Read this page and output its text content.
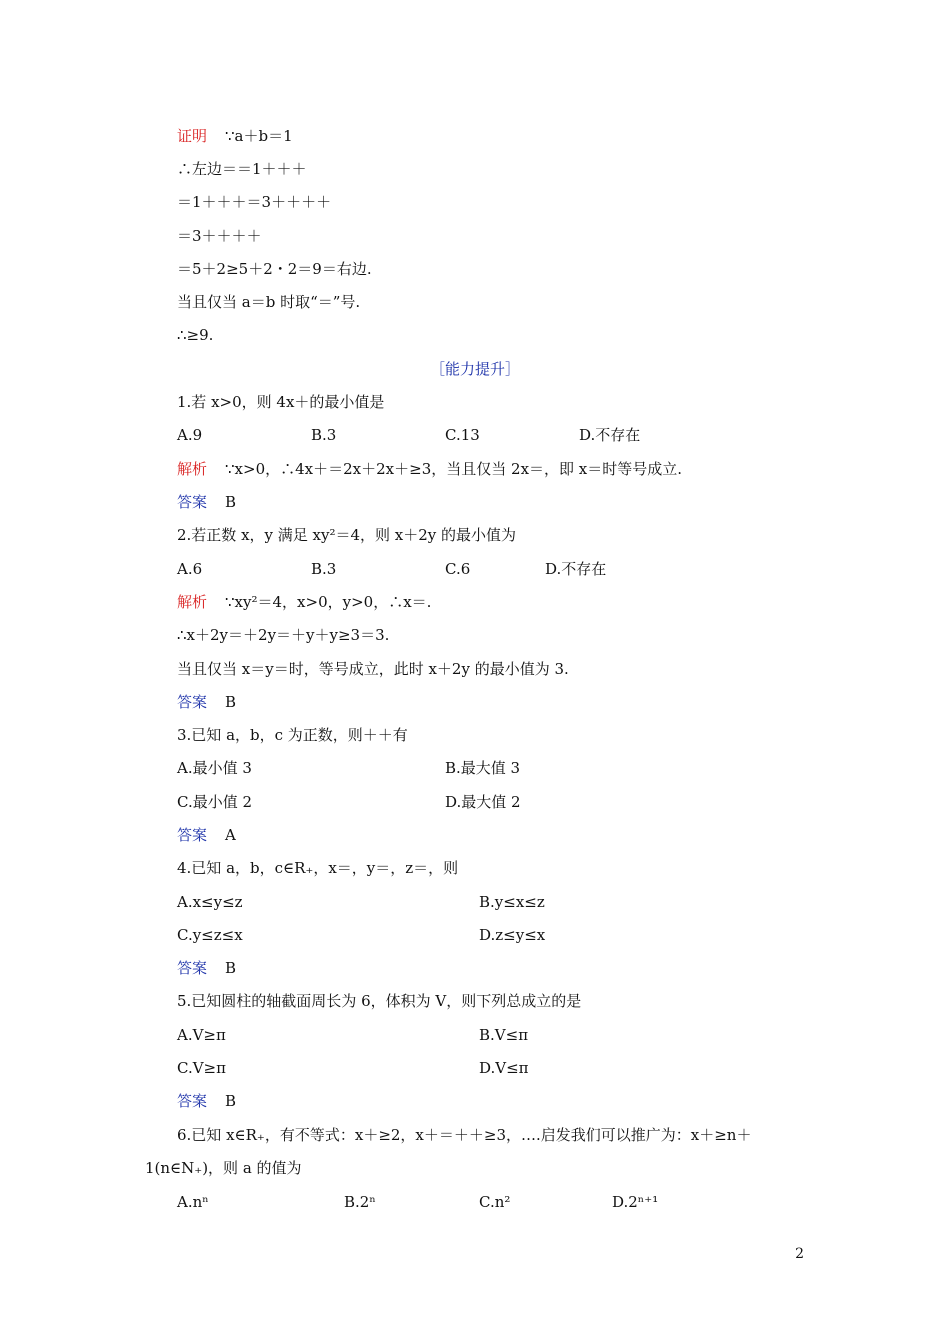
证明 ∵a＋b＝1
∴左边＝＝1＋＋＋
＝1＋＋＋＝3＋＋＋＋
＝3＋＋＋＋
＝5＋2≥5＋2・2＝9＝右边.
当且仅当 a＝b 时取“＝”号.
∴≥9.
［能力提升］
1.若 x>0，则 4x＋的最小值是
A.9	B.3	C.13	D.不存在
解析 ∵x>0，∴4x＋＝2x＋2x＋≥3，当且仅当 2x＝，即 x＝时等号成立.
答案 B
2.若正数 x，y 满足 xy²＝4，则 x＋2y 的最小值为
A.6	B.3	C.6	D.不存在
解析 ∵xy²＝4，x>0，y>0，∴x＝.
∴x＋2y＝＋2y＝＋y＋y≥3＝3.
当且仅当 x＝y＝时，等号成立，此时 x＋2y 的最小值为 3.
答案 B
3.已知 a，b，c 为正数，则＋＋有
A.最小值 3	B.最大值 3
C.最小值 2	D.最大值 2
答案 A
4.已知 a，b，c∈R₊，x＝，y＝，z＝，则
A.x≤y≤z	B.y≤x≤z
C.y≤z≤x	D.z≤y≤x
答案 B
5.已知圆柱的轴截面周长为 6，体积为 V，则下列总成立的是
A.V≥π	B.V≤π
C.V≥π	D.V≤π
答案 B
6.已知 x∈R₊，有不等式：x＋≥2，x＋＝＋＋≥3，….启发我们可以推广为：x＋≥n＋
1(n∈N₊)，则 a 的值为
A.nⁿ	B.2ⁿ	C.n²	D.2ⁿ⁺¹
2
